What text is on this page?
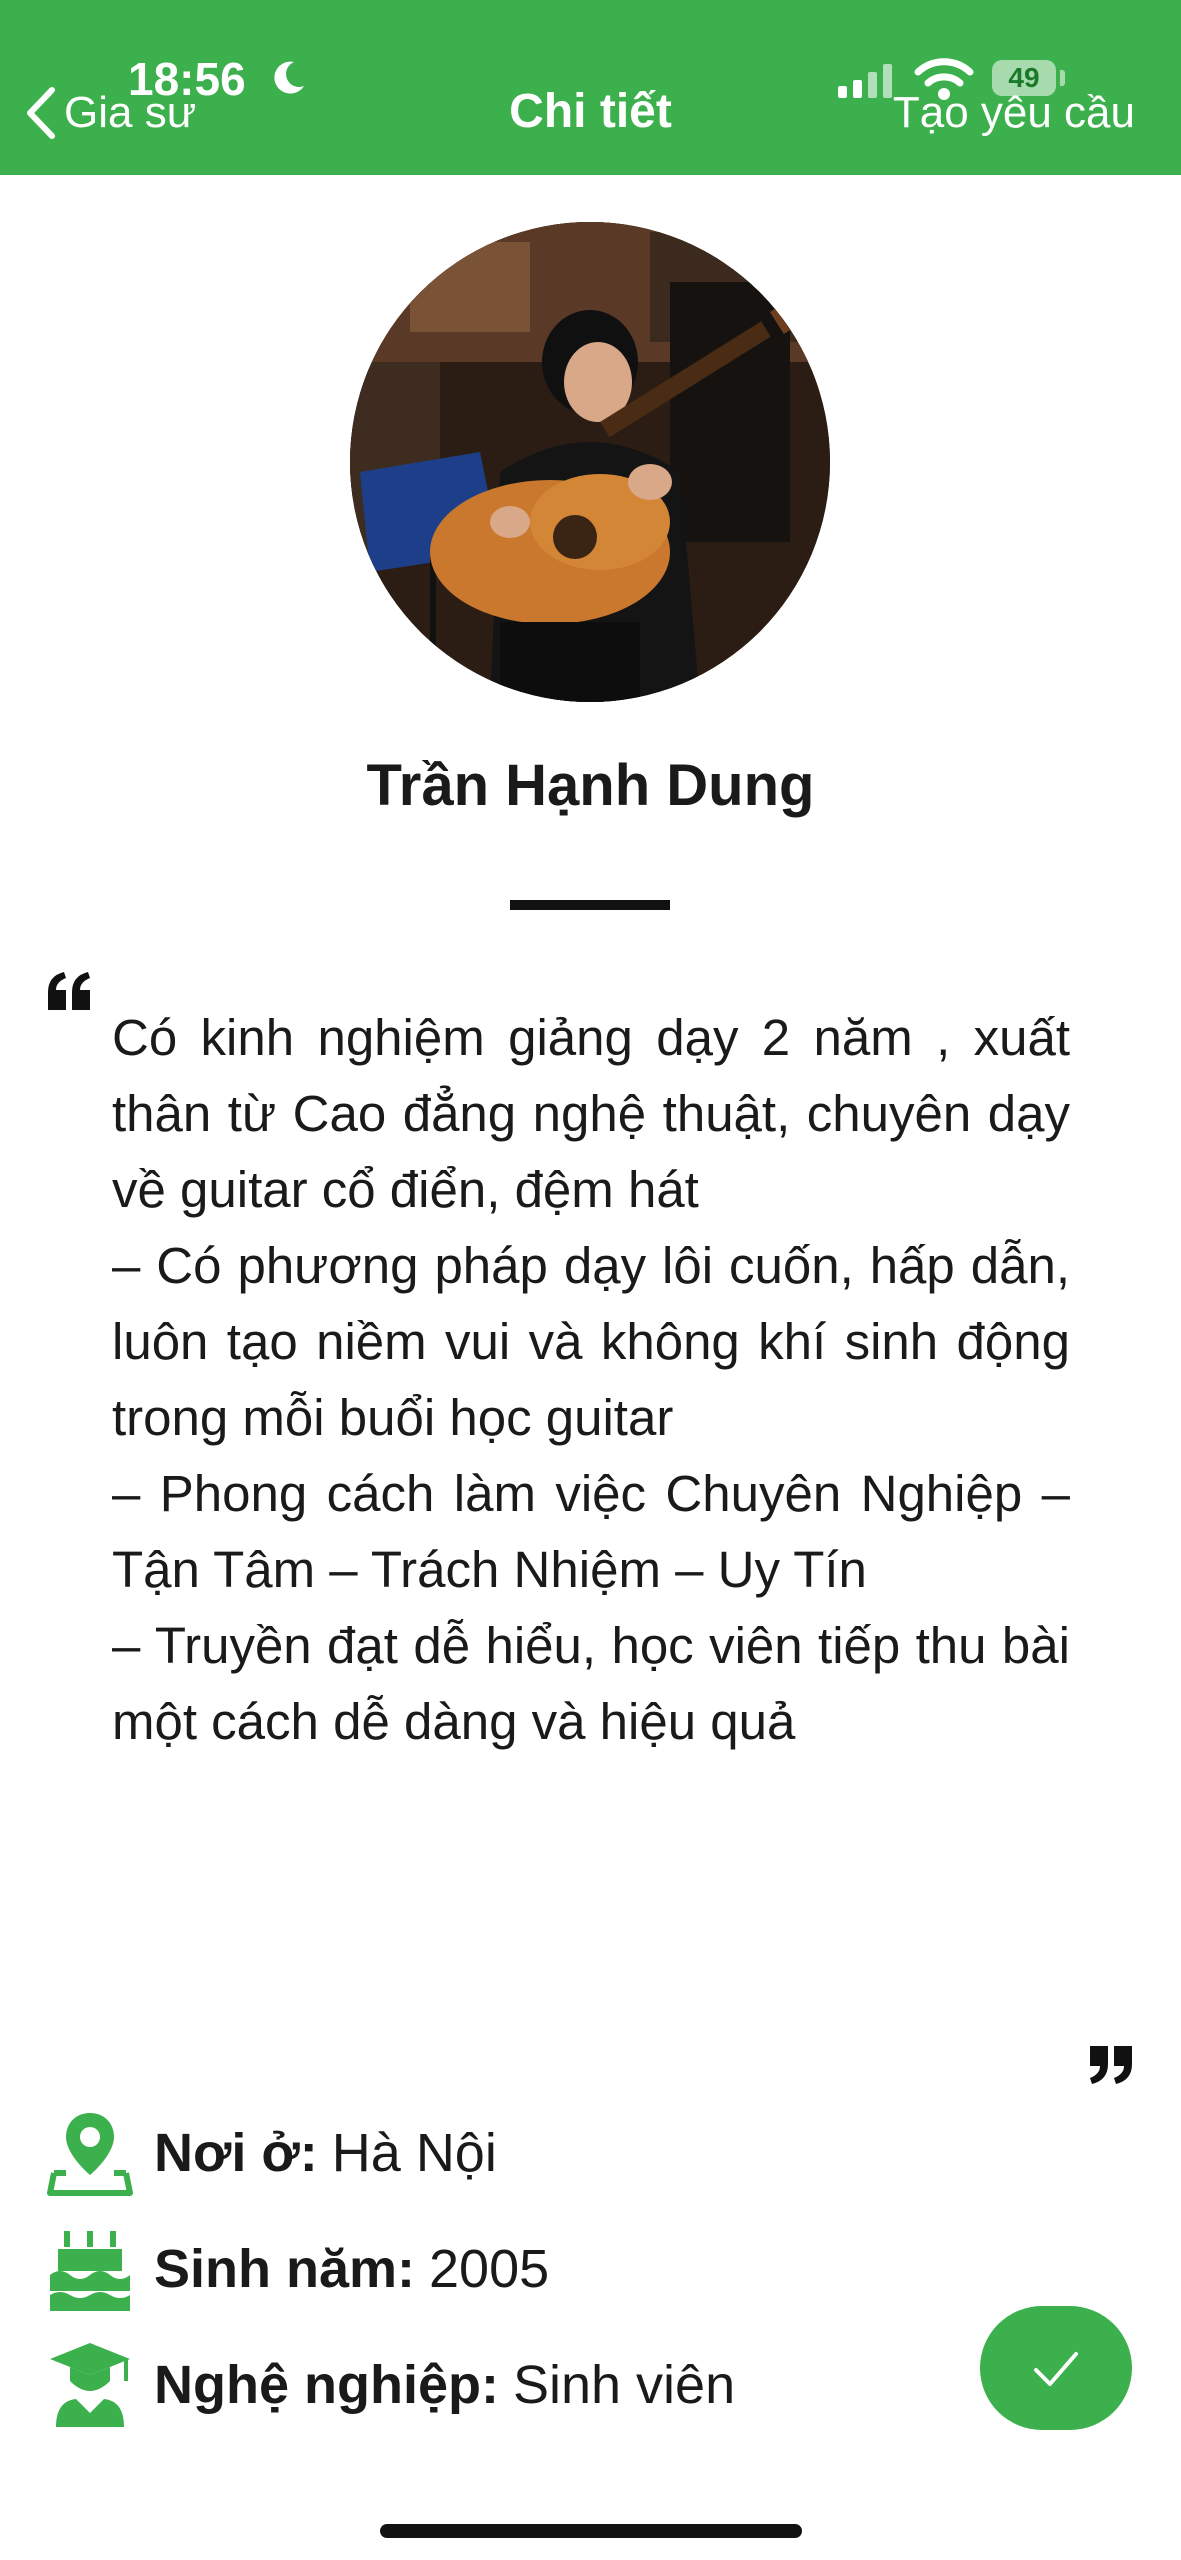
18:56	49
Gia sư	Chi tiết	Tạo yêu cầu
Trần Hạnh Dung

Có kinh nghiệm giảng dạy 2 năm , xuất thân từ Cao đẳng nghệ thuật, chuyên dạy về guitar cổ điển, đệm hát

– Có phương pháp dạy lôi cuốn, hấp dẫn, luôn tạo niềm vui và không khí sinh động trong mỗi buổi học guitar

– Phong cách làm việc Chuyên Nghiệp – Tận Tâm – Trách Nhiệm – Uy Tín

– Truyền đạt dễ hiểu, học viên tiếp thu bài một cách dễ dàng và hiệu quả

Nơi ở: Hà Nội
Sinh năm: 2005
Nghệ nghiệp: Sinh viên
